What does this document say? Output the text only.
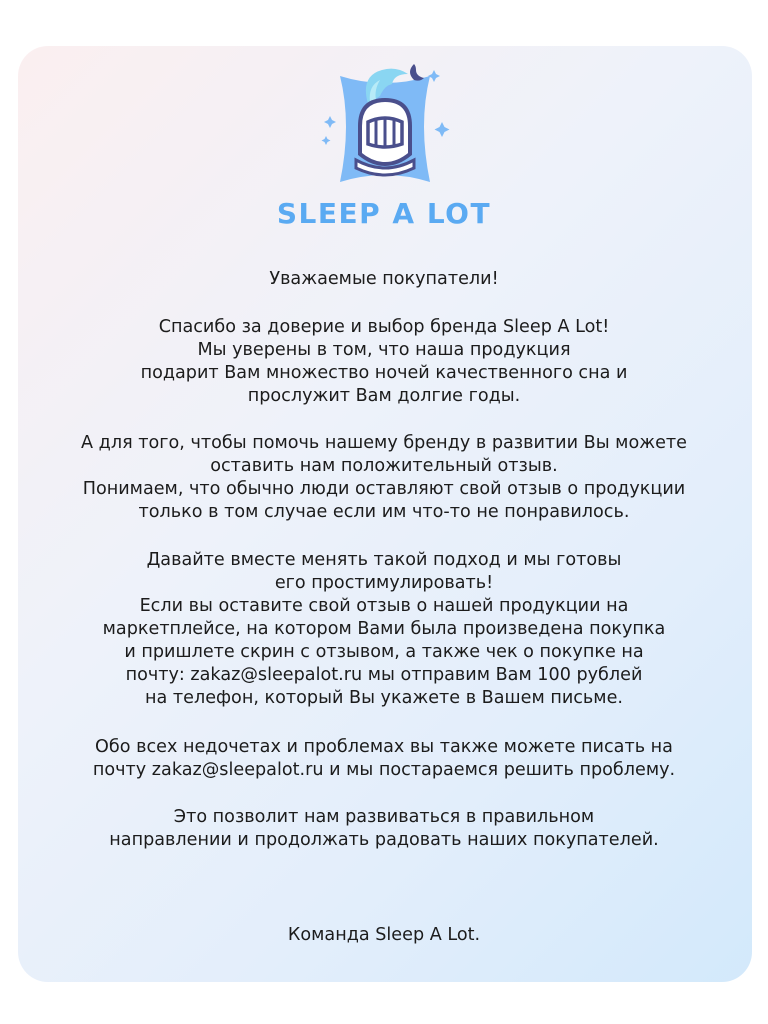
SLEEP A LOT
Уважаемые покупатели!
Спасибо за доверие и выбор бренда Sleep A Lot!
Мы уверены в том, что наша продукция
подарит Вам множество ночей качественного сна и
прослужит Вам долгие годы.
А для того, чтобы помочь нашему бренду в развитии Вы можете
оставить нам положительный отзыв.
Понимаем, что обычно люди оставляют свой отзыв о продукции
только в том случае если им что-то не понравилось.
Давайте вместе менять такой подход и мы готовы
его простимулировать!
Если вы оставите свой отзыв о нашей продукции на
маркетплейсе, на котором Вами была произведена покупка
и пришлете скрин с отзывом, а также чек о покупке на
почту: zakaz@sleepalot.ru мы отправим Вам 100 рублей
на телефон, который Вы укажете в Вашем письме.
Обо всех недочетах и проблемах вы также можете писать на
почту zakaz@sleepalot.ru и мы постараемся решить проблему.
Это позволит нам развиваться в правильном
направлении и продолжать радовать наших покупателей.
Команда Sleep A Lot.
